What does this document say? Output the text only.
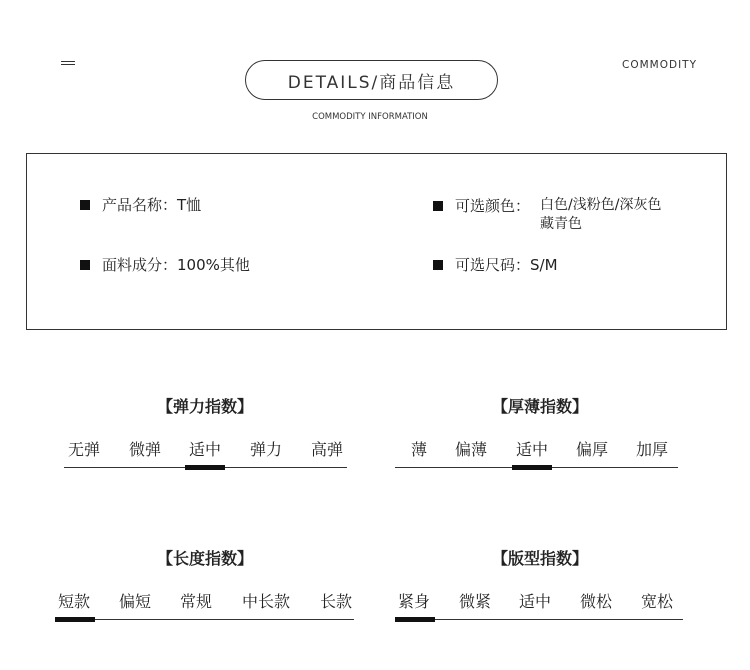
COMMODITY
DETAILS/商品信息
COMMODITY INFORMATION
产品名称： T恤
面料成分： 100%其他
可选颜色： 白色/浅粉色/深灰色
藏青色
可选尺码： S/M
【弹力指数】
无弹	微弹	适中	弹力	高弹
【厚薄指数】
薄	偏薄	适中	偏厚	加厚
【长度指数】
短款	偏短	常规	中长款	长款
【版型指数】
紧身	微紧	适中	微松	宽松
